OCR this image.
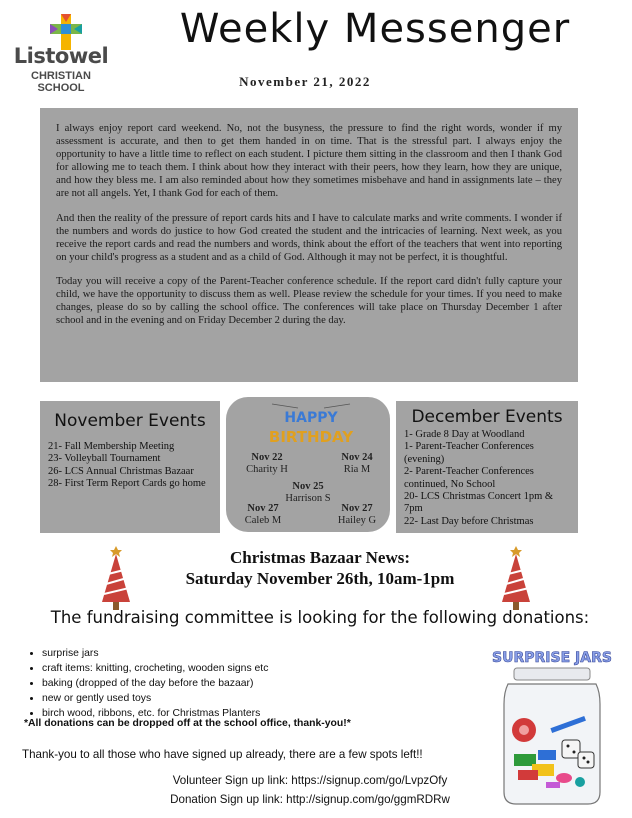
Listowel
CHRISTIAN SCHOOL
Weekly Messenger
November 21, 2022

I always enjoy report card weekend. No, not the busyness, the pressure to find the right words, wonder if my assessment is accurate, and then to get them handed in on time. That is the stressful part. I always enjoy the opportunity to have a little time to reflect on each student. I picture them sitting in the classroom and then I thank God for allowing me to teach them. I think about how they interact with their peers, how they learn, how they are unique, and how they bless me. I am also reminded about how they sometimes misbehave and hand in assignments late – they are not all angels. Yet, I thank God for each of them.

And then the reality of the pressure of report cards hits and I have to calculate marks and write comments. I wonder if the numbers and words do justice to how God created the student and the intricacies of learning. Next week, as you receive the report cards and read the numbers and words, think about the effort of the teachers that went into reporting on your child's progress as a student and as a child of God. Although it may not be perfect, it is thoughtful.

Today you will receive a copy of the Parent-Teacher conference schedule. If the report card didn't fully capture your child, we have the opportunity to discuss them as well. Please review the schedule for your times. If you need to make changes, please do so by calling the school office. The conferences will take place on Thursday December 1 after school and in the evening and on Friday December 2 during the day.

November Events
21- Fall Membership Meeting
23- Volleyball Tournament
26- LCS Annual Christmas Bazaar
28- First Term Report Cards go home
HAPPY
BIRTHDAY
Nov 22
Charity H
Nov 24
Ria M
Nov 25
Harrison S
Nov 27
Caleb M
Nov 27
Hailey G
December Events
1- Grade 8 Day at Woodland
1- Parent-Teacher Conferences (evening)
2- Parent-Teacher Conferences continued, No School
20- LCS Christmas Concert 1pm & 7pm
22- Last Day before Christmas
Christmas Bazaar News:
Saturday November 26th, 10am-1pm
The fundraising committee is looking for the following donations:
• surprise jars
• craft items: knitting, crocheting, wooden signs etc
• baking (dropped of the day before the bazaar)
• new or gently used toys
• birch wood, ribbons, etc. for Christmas Planters
*All donations can be dropped off at the school office, thank-you!*
Thank-you to all those who have signed up already, there are a few spots left!!
Volunteer Sign up link: https://signup.com/go/LvpzOfy
Donation Sign up link: http://signup.com/go/ggmRDRw
SURPRISE JARS
